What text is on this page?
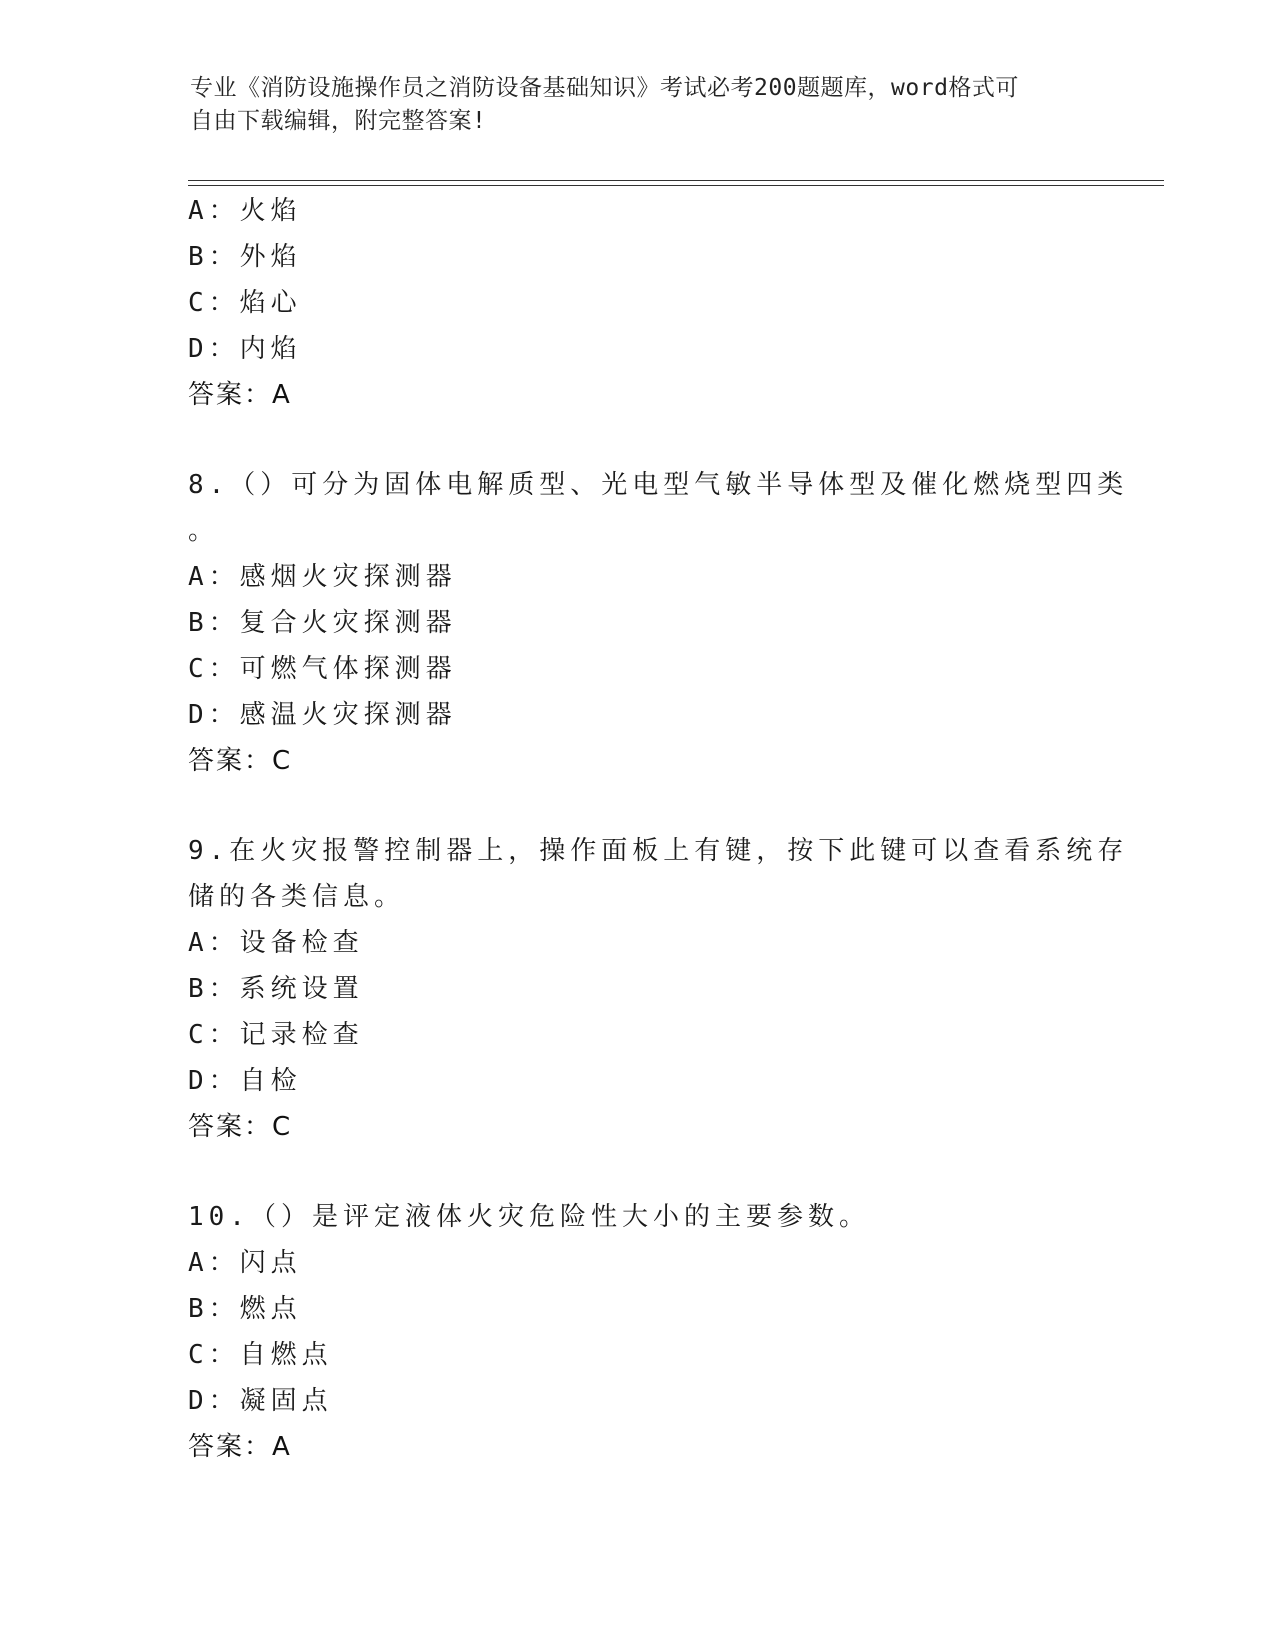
专业《消防设施操作员之消防设备基础知识》考试必考200题题库，word格式可
自由下载编辑，附完整答案!
A：火焰
B：外焰
C：焰心
D：内焰
答案：A
8.（）可分为固体电解质型、光电型气敏半导体型及催化燃烧型四类
。
A：感烟火灾探测器
B：复合火灾探测器
C：可燃气体探测器
D：感温火灾探测器
答案：C
9.在火灾报警控制器上，操作面板上有键，按下此键可以查看系统存
储的各类信息。
A：设备检查
B：系统设置
C：记录检查
D：自检
答案：C
10.（）是评定液体火灾危险性大小的主要参数。
A：闪点
B：燃点
C：自燃点
D：凝固点
答案：A
